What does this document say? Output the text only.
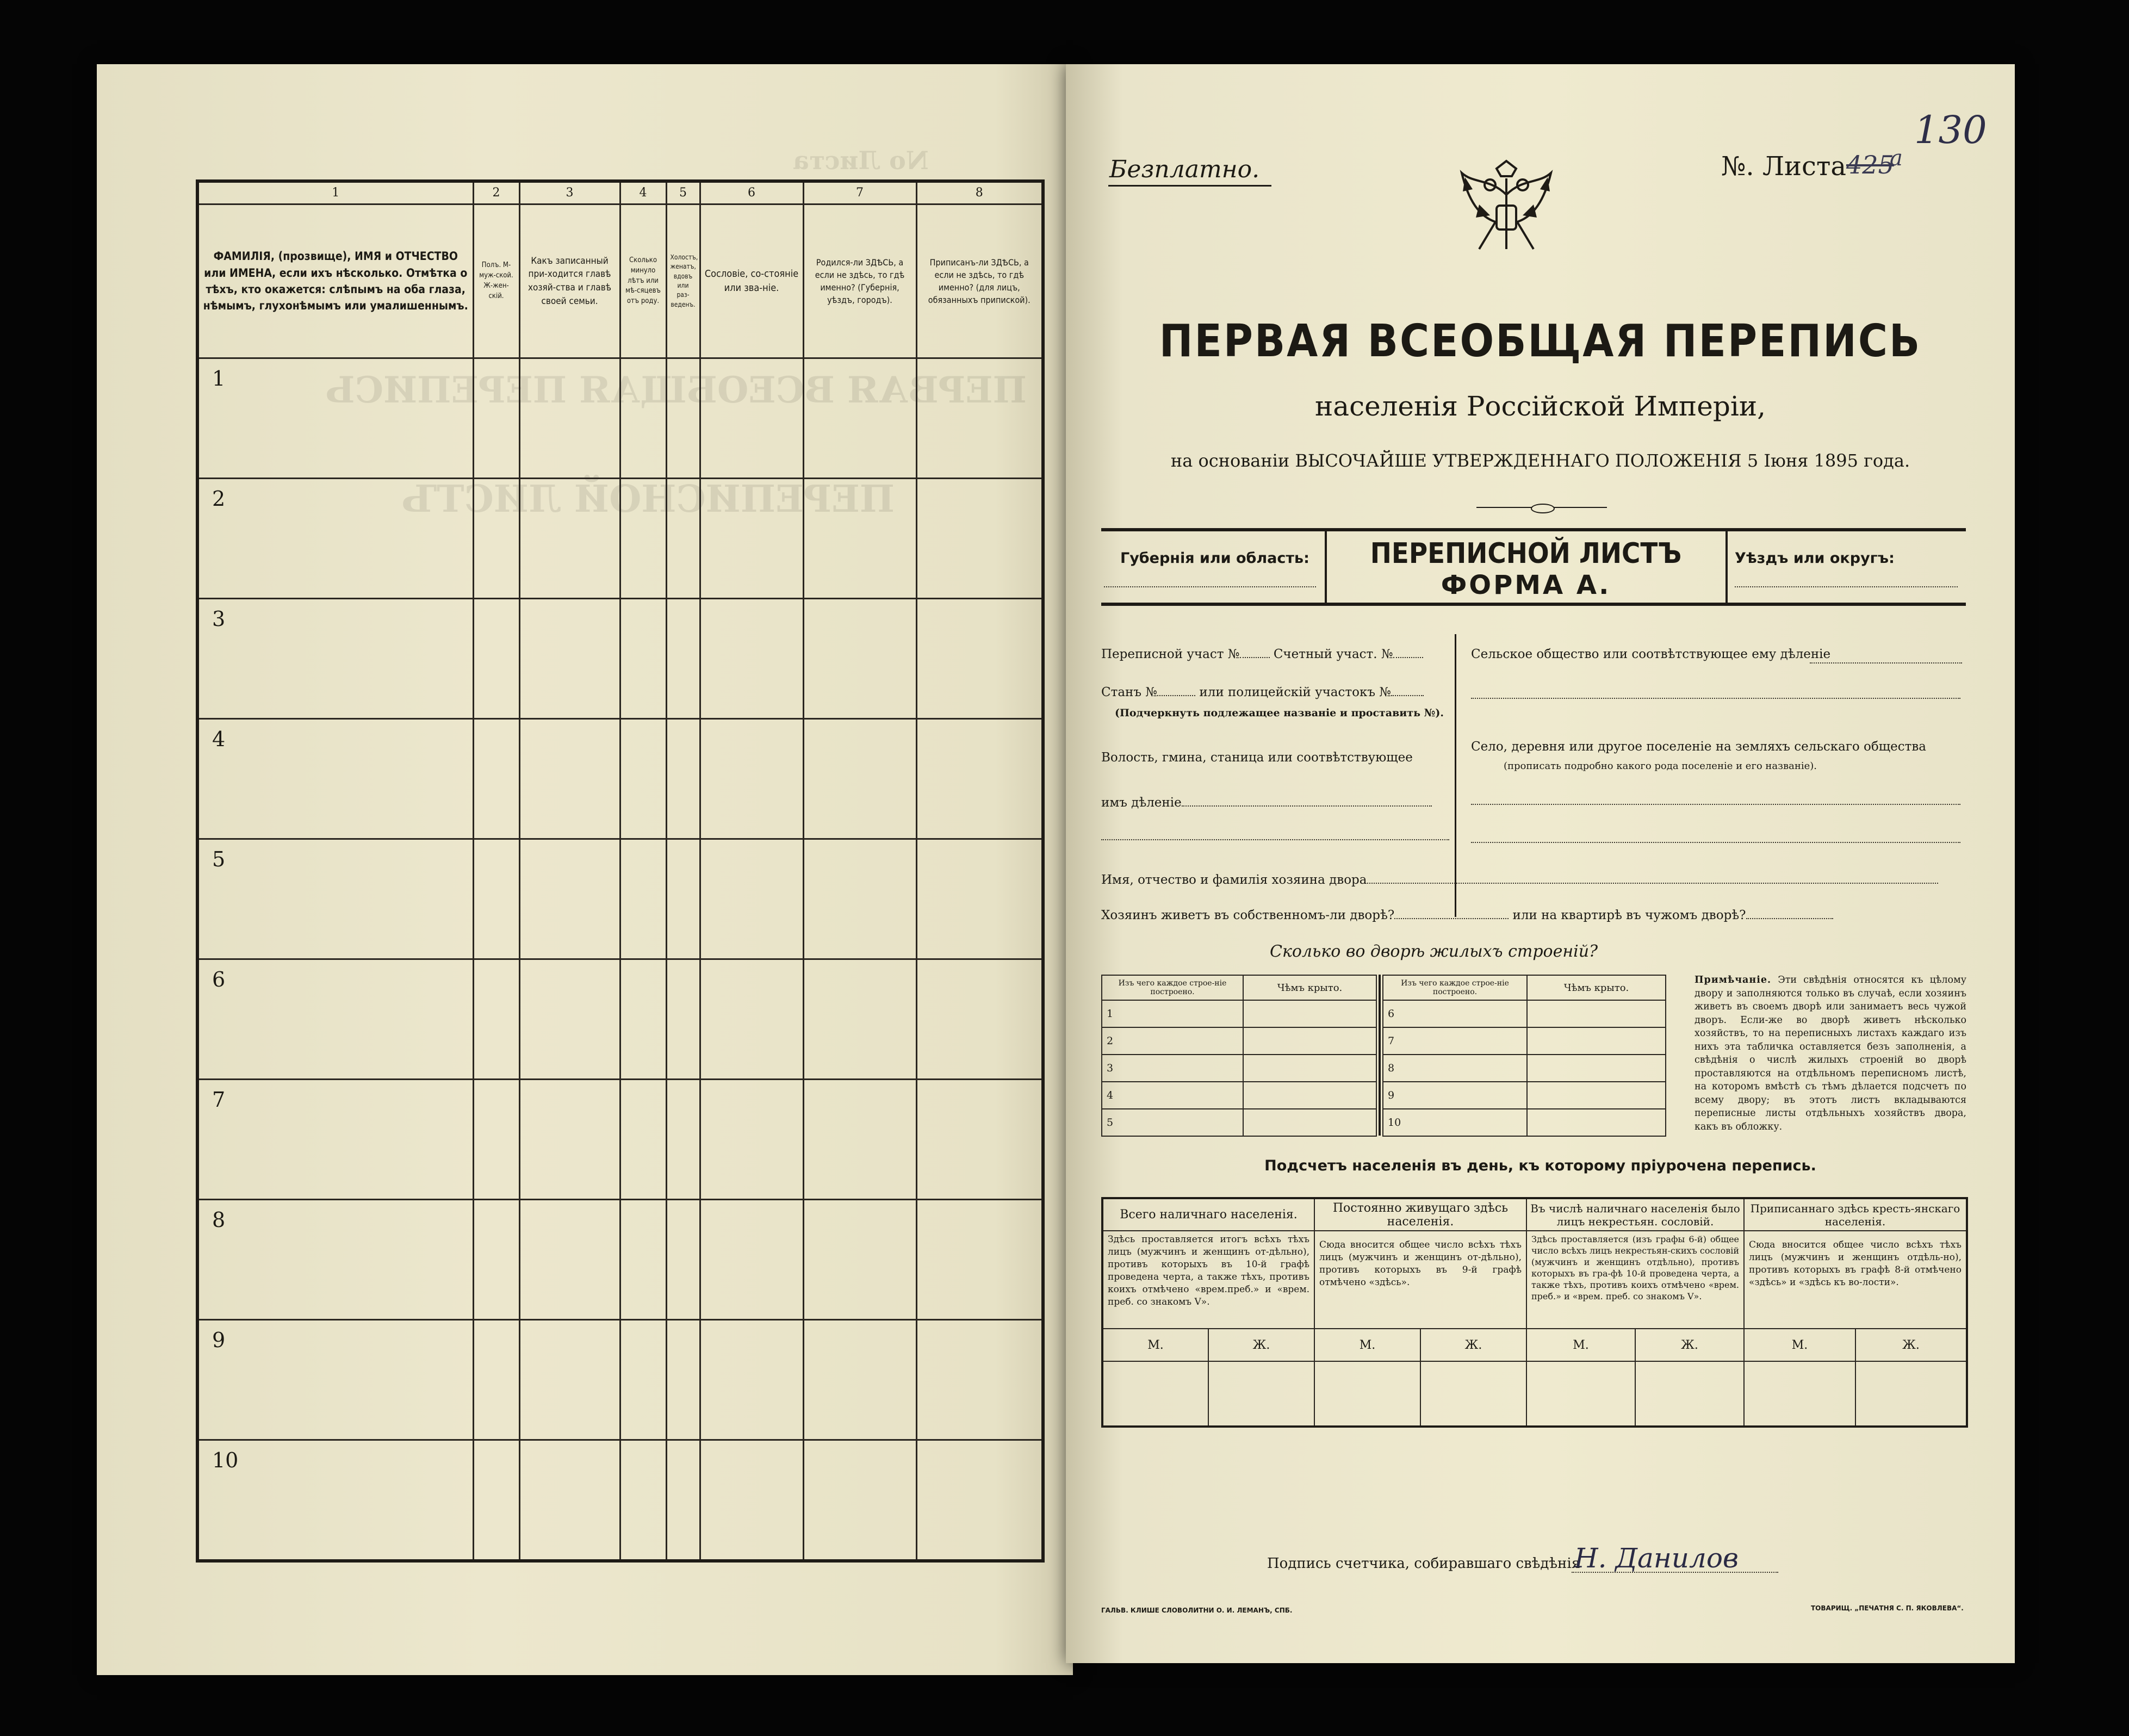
No Листа
ПЕРВАЯ ВСЕОБЩАЯ ПЕРЕПИСЬ
ПЕРЕПИСНОЙ ЛИСТЪ
1	2	3	4	5	6	7	8
ФАМИЛІЯ, (прозвище), ИМЯ и ОТЧЕСТВО или ИМЕНА, если ихъ нѣсколько. Отмѣтка о тѣхъ, кто окажется: слѣпымъ на оба глаза, нѣмымъ, глухонѣмымъ или умалишеннымъ.	Полъ. М-муж-ской. Ж-жен-скій.	Какъ записанный при-ходится главѣ хозяй-ства и главѣ своей семьи.	Сколько минуло лѣтъ или мѣ-сяцевъ отъ роду.	Холостъ, женатъ, вдовъ или раз-веденъ.	Сословіе, со-стояніе или зва-ніе.	Родился-ли ЗДѢСЬ, а если не здѣсь, то гдѣ именно? (Губернія, уѣздъ, городъ).	Приписанъ-ли ЗДѢСЬ, а если не здѣсь, то гдѣ именно? (для лицъ, обязанныхъ припиской).
1							
2							
3							
4							
5							
6							
7							
8							
9							
10							
Безплатно.	№. Листа 425
a
130
ПЕРВАЯ ВСЕОБЩАЯ ПЕРЕПИСЬ
населенія Россійской Имперіи,
на основаніи ВЫСОЧАЙШЕ УТВЕРЖДЕННАГО ПОЛОЖЕНІЯ 5 Іюня 1895 года.
Губернія или область:	ПЕРЕПИСНОЙ ЛИСТЪ
ФОРМА А.
Уѣздъ или округъ:
Переписной участ №	Счетный участ. №
Станъ №	или полицейскій участокъ №
(Подчеркнуть подлежащее названіе и проставить №).
Волость, гмина, станица или соотвѣтствующее
имъ дѣленіе
Сельское общество или соотвѣтствующее ему дѣленіе
Село, деревня или другое поселеніе на земляхъ сельскаго общества
(прописать подробно какого рода поселеніе и его названіе).
Имя, отчество и фамилія хозяина двора
Хозяинъ живетъ въ собственномъ-ли дворѣ?	или на квартирѣ въ чужомъ дворѣ?
Сколько во дворѣ жилыхъ строеній?
Изъ чего каждое строе-ніе построено.	Чѣмъ крыто.
1	
2	
3	
4	
5	
Изъ чего каждое строе-ніе построено.	Чѣмъ крыто.
6	
7	
8	
9	
10	
Примѣчаніе. Эти свѣдѣнія относятся къ цѣлому двору и заполняются только въ случаѣ, если хозяинъ живетъ въ своемъ дворѣ или занимаетъ весь чужой дворъ. Если-же во дворѣ живетъ нѣсколько хозяйствъ, то на переписныхъ листахъ каждаго изъ нихъ эта табличка оставляется безъ заполненія, а свѣдѣнія о числѣ жилыхъ строеній во дворѣ проставляются на отдѣльномъ переписномъ листѣ, на которомъ вмѣстѣ съ тѣмъ дѣлается подсчетъ по всему двору; въ этотъ листъ вкладываются переписные листы отдѣльныхъ хозяйствъ двора, какъ въ обложку.
Подсчетъ населенія въ день, къ которому пріурочена перепись.
Всего наличнаго населенія.		Постоянно живущаго здѣсь населенія.		Въ числѣ наличнаго населенія было лицъ некрестьян. сословій.		Приписаннаго здѣсь кресть-янскаго населенія.	
Здѣсь проставляется итогъ всѣхъ тѣхъ лицъ (мужчинъ и женщинъ от-дѣльно), противъ которыхъ въ 10-й графѣ проведена черта, а также тѣхъ, противъ коихъ отмѣчено «врем.преб.» и «врем. преб. со знакомъ V».		Сюда вносится общее число всѣхъ тѣхъ лицъ (мужчинъ и женщинъ от-дѣльно), противъ которыхъ въ 9-й графѣ отмѣчено «здѣсь».		Здѣсь проставляется (изъ графы 6-й) общее число всѣхъ лицъ некрестьян-скихъ сословій (мужчинъ и женщинъ отдѣльно), противъ которыхъ въ гра-фѣ 10-й проведена черта, а также тѣхъ, противъ коихъ отмѣчено «врем. преб.» и «врем. преб. со знакомъ V».		Сюда вносится общее число всѣхъ тѣхъ лицъ (мужчинъ и женщинъ отдѣль-но), противъ которыхъ въ графѣ 8-й отмѣчено «здѣсь» и «здѣсь къ во-лости».	
М.	Ж.	М.	Ж.	М.	Ж.	М.	Ж.

Подпись счетчика, собиравшаго свѣдѣнія
Н. Данилов
ГАЛЬВ. КЛИШЕ СЛОВОЛИТНИ О. И. ЛЕМАНЪ, СПБ.	ТОВАРИЩ. „ПЕЧАТНЯ С. П. ЯКОВЛЕВА“.
